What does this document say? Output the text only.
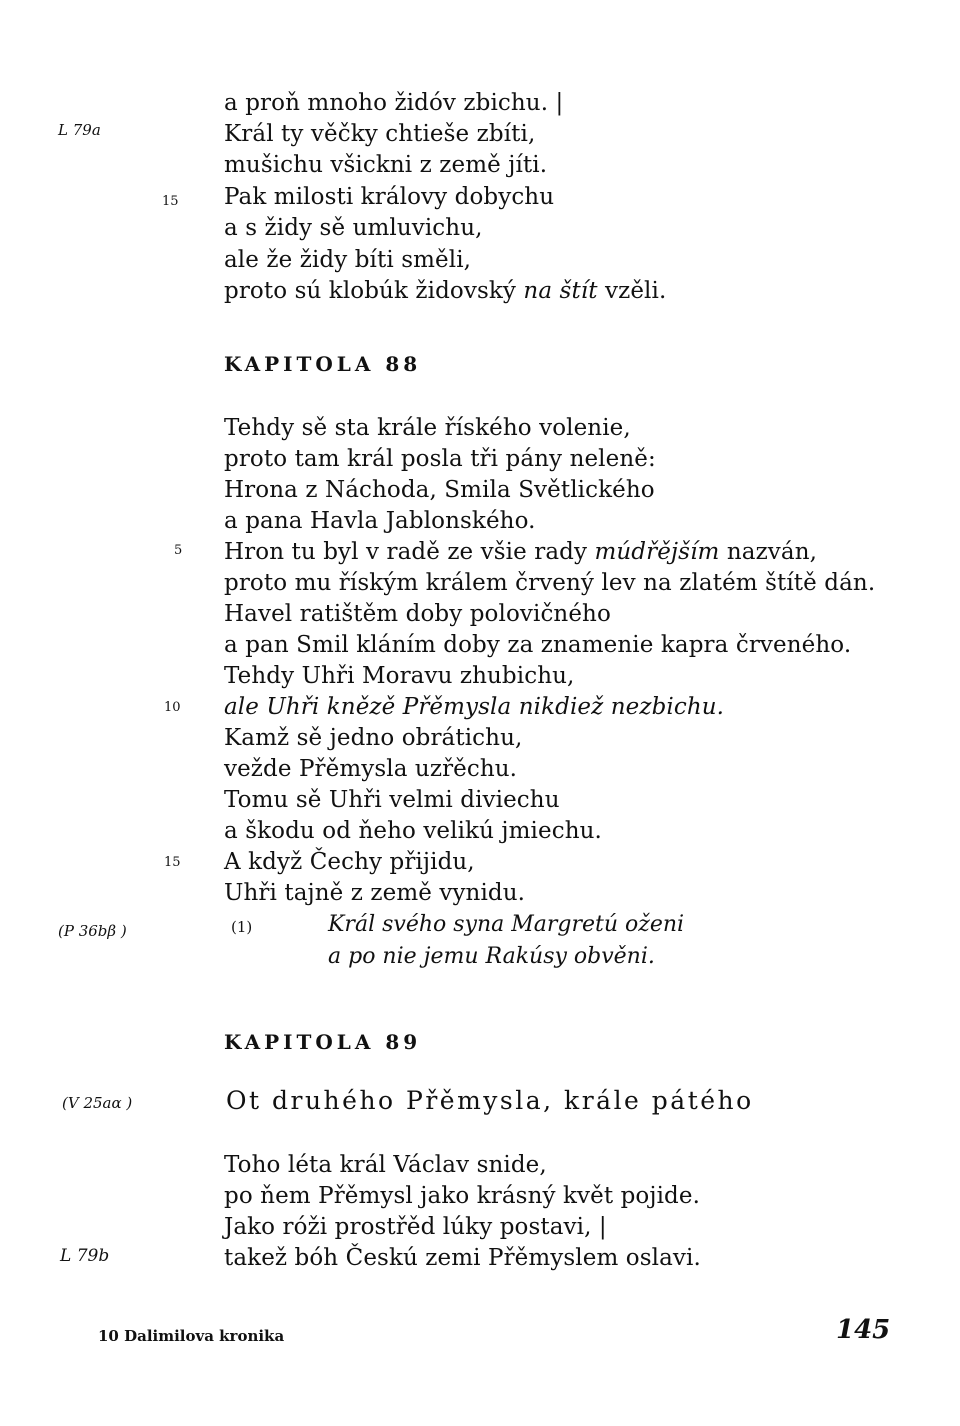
L 79a
15
a proň mnoho židóv zbichu. |
Král ty věčky chtieše zbíti,
mušichu všickni z země jíti.
Pak milosti královy dobychu
a s židy sě umluvichu,
ale že židy bíti směli,
proto sú klobúk židovský na štít vzěli.
KAPITOLA 88
Tehdy sě sta krále říského volenie,
proto tam král posla tři pány neleně:
Hrona z Náchoda, Smila Světlického
a pana Havla Jablonského.
5 Hron tu byl v radě ze všie rady múdřějším nazván,
proto mu říským králem črvený lev na zlatém štítě dán.
Havel ratištěm doby polovičného
a pan Smil kláním doby za znamenie kapra črveného.
Tehdy Uhři Moravu zhubichu,
10 ale Uhři knězě Přěmysla nikdiež nezbichu.
Kamž sě jedno obrátichu,
vežde Přěmysla uzřěchu.
Tomu sě Uhři velmi diviechu
a škodu od ňeho velikú jmiechu.
15 A když Čechy přijidu,
Uhři tajně z země vynidu.
(P 36bβ )	(1)	Král svého syna Margretú oženi
a po nie jemu Rakúsy obvěni.
KAPITOLA 89
(V 25aα )	Ot druhého Přěmysla, krále pátého
Toho léta král Václav snide,
po ňem Přěmysl jako krásný květ pojide.
Jako róži prostřěd lúky postavi, |
L 79b	takež bóh Českú zemi Přěmyslem oslavi.
10 Dalimilova kronika	145
